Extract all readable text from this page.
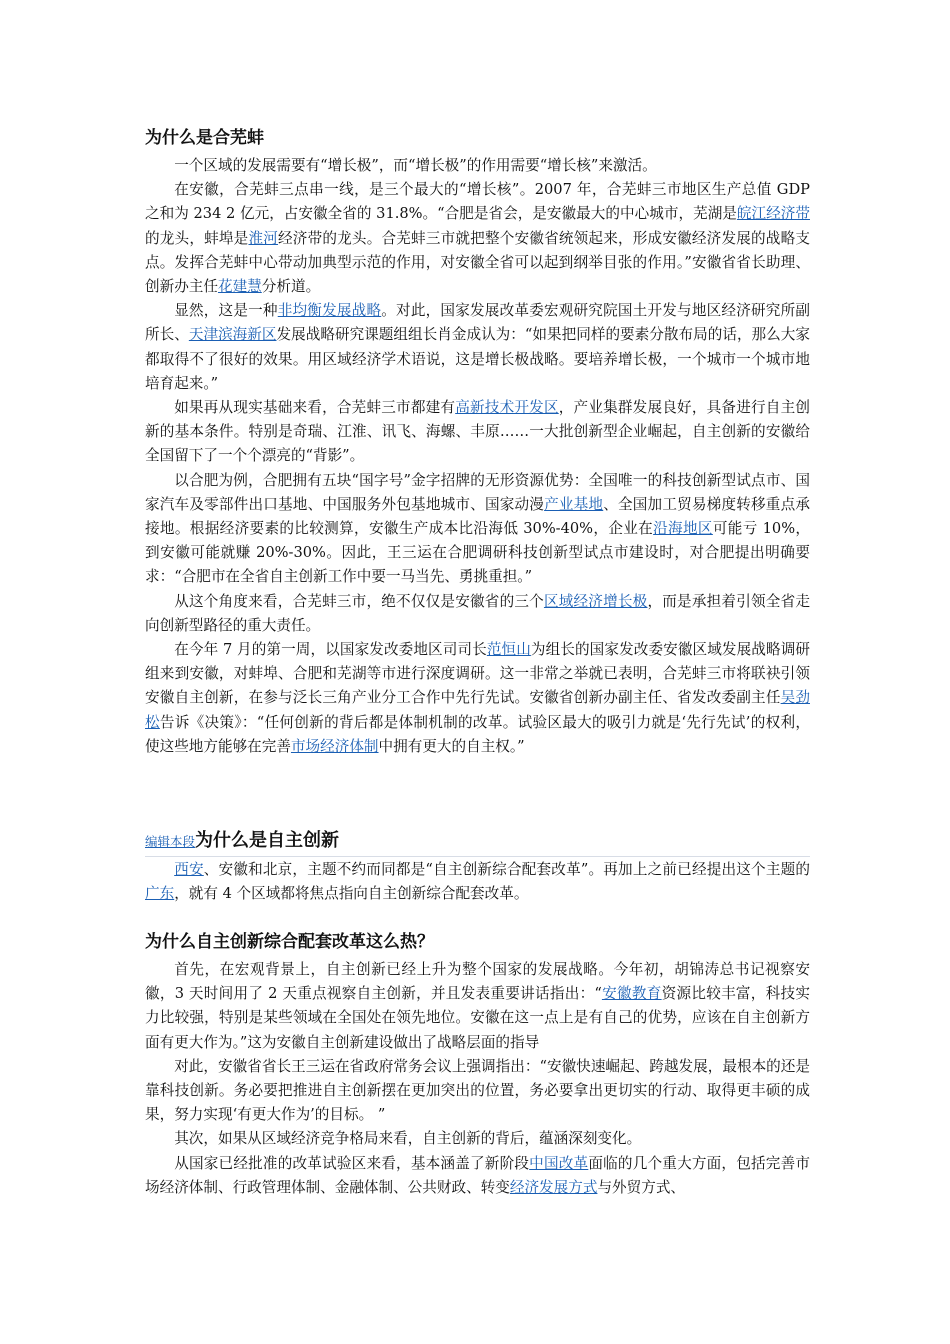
为什么是合芜蚌

一个区域的发展需要有“增长极”，而“增长极”的作用需要“增长核”来激活。

在安徽，合芜蚌三点串一线，是三个最大的“增长核”。2007 年，合芜蚌三市地区生产总值 GDP 之和为 234 2 亿元，占安徽全省的 31.8%。“合肥是省会，是安徽最大的中心城市，芜湖是皖江经济带的龙头，蚌埠是淮河经济带的龙头。合芜蚌三市就把整个安徽省统领起来，形成安徽经济发展的战略支点。发挥合芜蚌中心带动加典型示范的作用，对安徽全省可以起到纲举目张的作用。”安徽省省长助理、创新办主任花建慧分析道。

显然，这是一种非均衡发展战略。对此，国家发展改革委宏观研究院国土开发与地区经济研究所副所长、天津滨海新区发展战略研究课题组组长肖金成认为：“如果把同样的要素分散布局的话，那么大家都取得不了很好的效果。用区域经济学术语说，这是增长极战略。要培养增长极，一个城市一个城市地培育起来。”

如果再从现实基础来看，合芜蚌三市都建有高新技术开发区，产业集群发展良好，具备进行自主创新的基本条件。特别是奇瑞、江淮、讯飞、海螺、丰原……一大批创新型企业崛起，自主创新的安徽给全国留下了一个个漂亮的“背影”。

以合肥为例，合肥拥有五块“国字号”金字招牌的无形资源优势：全国唯一的科技创新型试点市、国家汽车及零部件出口基地、中国服务外包基地城市、国家动漫产业基地、全国加工贸易梯度转移重点承接地。根据经济要素的比较测算，安徽生产成本比沿海低 30%-40%，企业在沿海地区可能亏 10%，到安徽可能就赚 20%-30%。因此，王三运在合肥调研科技创新型试点市建设时，对合肥提出明确要求：“合肥市在全省自主创新工作中要一马当先、勇挑重担。”

从这个角度来看，合芜蚌三市，绝不仅仅是安徽省的三个区域经济增长极，而是承担着引领全省走向创新型路径的重大责任。

在今年 7 月的第一周，以国家发改委地区司司长范恒山为组长的国家发改委安徽区域发展战略调研组来到安徽，对蚌埠、合肥和芜湖等市进行深度调研。这一非常之举就已表明，合芜蚌三市将联袂引领安徽自主创新，在参与泛长三角产业分工合作中先行先试。安徽省创新办副主任、省发改委副主任吴劲松告诉《决策》：“任何创新的背后都是体制机制的改革。试验区最大的吸引力就是‘先行先试’的权利，使这些地方能够在完善市场经济体制中拥有更大的自主权。”

编辑本段为什么是自主创新

西安、安徽和北京，主题不约而同都是“自主创新综合配套改革”。再加上之前已经提出这个主题的广东，就有 4 个区域都将焦点指向自主创新综合配套改革。

为什么自主创新综合配套改革这么热？

首先，在宏观背景上，自主创新已经上升为整个国家的发展战略。今年初，胡锦涛总书记视察安徽，3 天时间用了 2 天重点视察自主创新，并且发表重要讲话指出：“安徽教育资源比较丰富，科技实力比较强，特别是某些领域在全国处在领先地位。安徽在这一点上是有自己的优势，应该在自主创新方面有更大作为。”这为安徽自主创新建设做出了战略层面的指导

对此，安徽省省长王三运在省政府常务会议上强调指出：“安徽快速崛起、跨越发展，最根本的还是靠科技创新。务必要把推进自主创新摆在更加突出的位置，务必要拿出更切实的行动、取得更丰硕的成果，努力实现‘有更大作为’的目标。 ”

其次，如果从区域经济竞争格局来看，自主创新的背后，蕴涵深刻变化。

从国家已经批准的改革试验区来看，基本涵盖了新阶段中国改革面临的几个重大方面，包括完善市场经济体制、行政管理体制、金融体制、公共财政、转变经济发展方式与外贸方式、
